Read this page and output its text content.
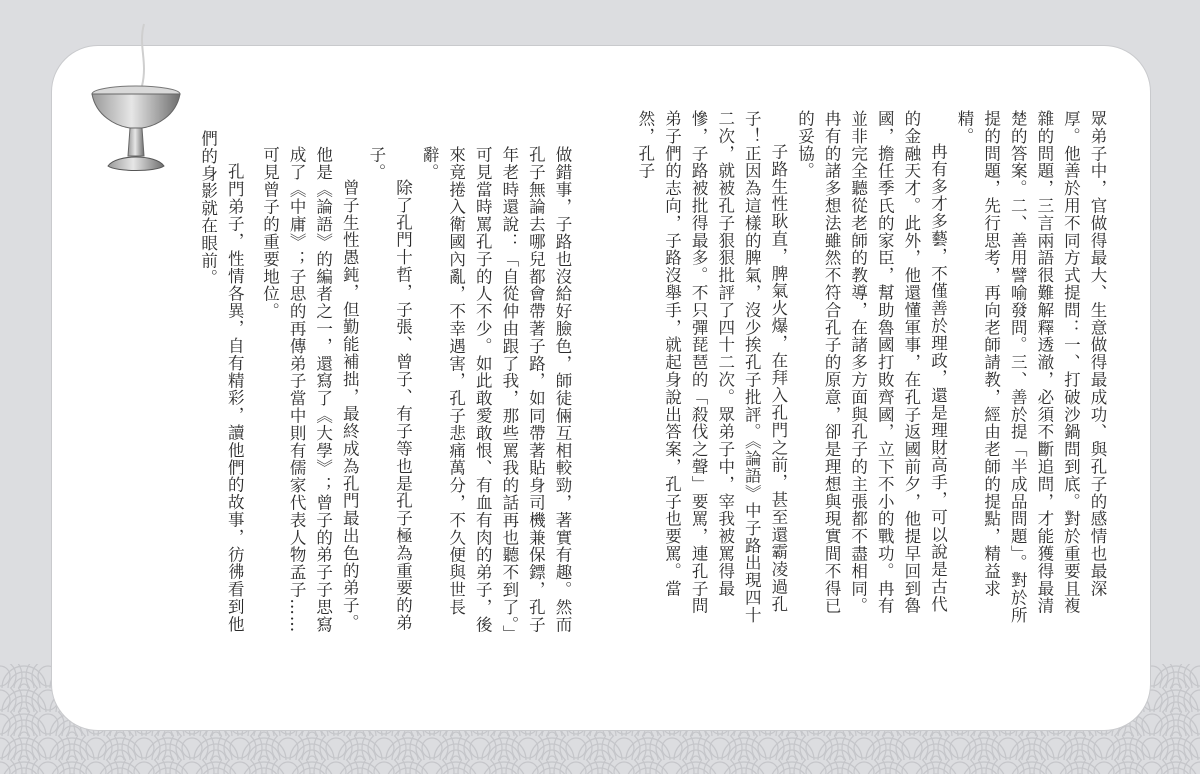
眾弟子中，官做得最大、生意做得最成功、與孔子的感情也最深厚。他善於用不同方式提問：一、打破沙鍋問到底。對於重要且複雜的問題，三言兩語很難解釋透澈，必須不斷追問，才能獲得最清楚的答案。二、善用譬喻發問。三、善於提「半成品問題」。對於所提的問題，先行思考，再向老師請教，經由老師的提點，精益求精。

冉有多才多藝，不僅善於理政，還是理財高手，可以說是古代的金融天才。此外，他還懂軍事，在孔子返國前夕，他提早回到魯國，擔任季氏的家臣，幫助魯國打敗齊國，立下不小的戰功。冉有並非完全聽從老師的教導，在諸多方面與孔子的主張都不盡相同。冉有的諸多想法雖然不符合孔子的原意，卻是理想與現實間不得已的妥協。

子路生性耿直，脾氣火爆，在拜入孔門之前，甚至還霸凌過孔子！正因為這樣的脾氣，沒少挨孔子批評。《論語》中子路出現四十二次，就被孔子狠狠批評了四十二次。眾弟子中，宰我被罵得最慘，子路被批得最多。不只彈琵琶的「殺伐之聲」要罵，連孔子問弟子們的志向，子路沒舉手，就起身說出答案，孔子也要罵。當然，孔子

做錯事，子路也沒給好臉色，師徒倆互相較勁，著實有趣。然而孔子無論去哪兒都會帶著子路，如同帶著貼身司機兼保鏢，孔子年老時還說：「自從仲由跟了我，那些罵我的話再也聽不到了。」可見當時罵孔子的人不少。如此敢愛敢恨、有血有肉的弟子，後來竟捲入衛國內亂，不幸遇害，孔子悲痛萬分，不久便與世長辭。

除了孔門十哲，子張、曾子、有子等也是孔子極為重要的弟子。

曾子生性愚鈍，但勤能補拙，最終成為孔門最出色的弟子。他是《論語》的編者之一，還寫了《大學》；曾子的弟子子思寫成了《中庸》；子思的再傳弟子當中則有儒家代表人物孟子……可見曾子的重要地位。

孔門弟子，性情各異，自有精彩，讀他們的故事，彷彿看到他們的身影就在眼前。
